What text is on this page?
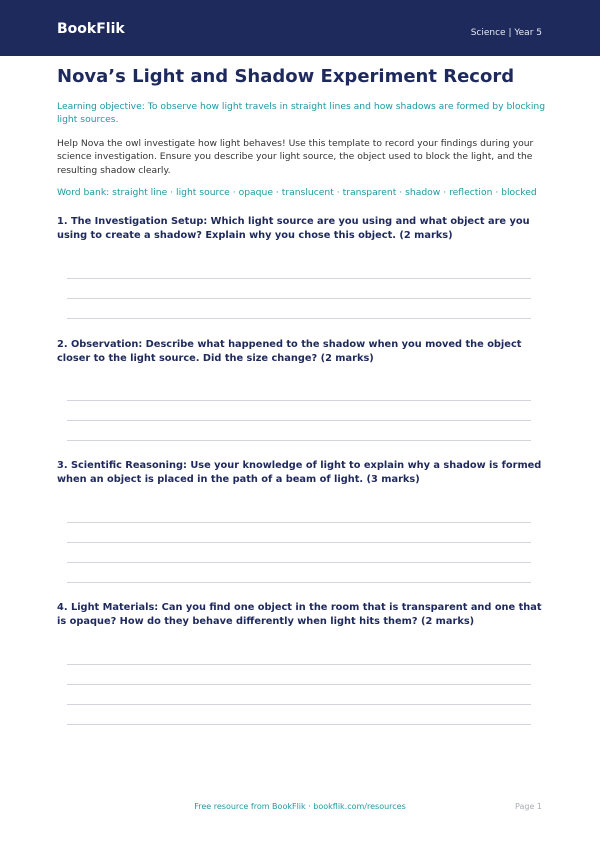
BookFlik	Science | Year 5
Nova’s Light and Shadow Experiment Record

Learning objective: To observe how light travels in straight lines and how shadows are formed by blocking light sources.

Help Nova the owl investigate how light behaves! Use this template to record your findings during your science investigation. Ensure you describe your light source, the object used to block the light, and the resulting shadow clearly.

Word bank: straight line · light source · opaque · translucent · transparent · shadow · reflection · blocked

1. The Investigation Setup: Which light source are you using and what object are you using to create a shadow? Explain why you chose this object. (2 marks)

2. Observation: Describe what happened to the shadow when you moved the object closer to the light source. Did the size change? (2 marks)

3. Scientific Reasoning: Use your knowledge of light to explain why a shadow is formed when an object is placed in the path of a beam of light. (3 marks)

4. Light Materials: Can you find one object in the room that is transparent and one that is opaque? How do they behave differently when light hits them? (2 marks)

Free resource from BookFlik · bookflik.com/resources	Page 1
